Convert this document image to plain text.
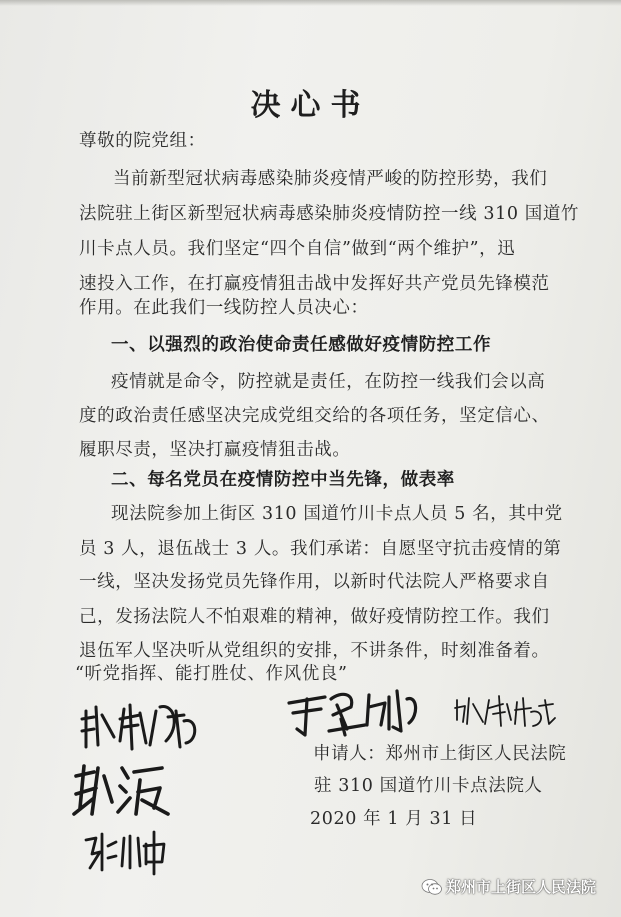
决心书
尊敬的院党组：
当前新型冠状病毒感染肺炎疫情严峻的防控形势，我们
法院驻上街区新型冠状病毒感染肺炎疫情防控一线 310 国道竹
川卡点人员。我们坚定“四个自信”做到“两个维护”，迅
速投入工作，在打赢疫情狙击战中发挥好共产党员先锋模范
作用。在此我们一线防控人员决心：
一、以强烈的政治使命责任感做好疫情防控工作
疫情就是命令，防控就是责任，在防控一线我们会以高
度的政治责任感坚决完成党组交给的各项任务，坚定信心、
履职尽责，坚决打赢疫情狙击战。
二、每名党员在疫情防控中当先锋，做表率
现法院参加上街区 310 国道竹川卡点人员 5 名，其中党
员 3 人，退伍战士 3 人。我们承诺：自愿坚守抗击疫情的第
一线，坚决发扬党员先锋作用，以新时代法院人严格要求自
己，发扬法院人不怕艰难的精神，做好疫情防控工作。我们
退伍军人坚决听从党组织的安排，不讲条件，时刻准备着。
“听党指挥、能打胜仗、作风优良”
申请人：郑州市上街区人民法院
驻 310 国道竹川卡点法院人
2020 年 1 月 31 日
郑州市上街区人民法院
